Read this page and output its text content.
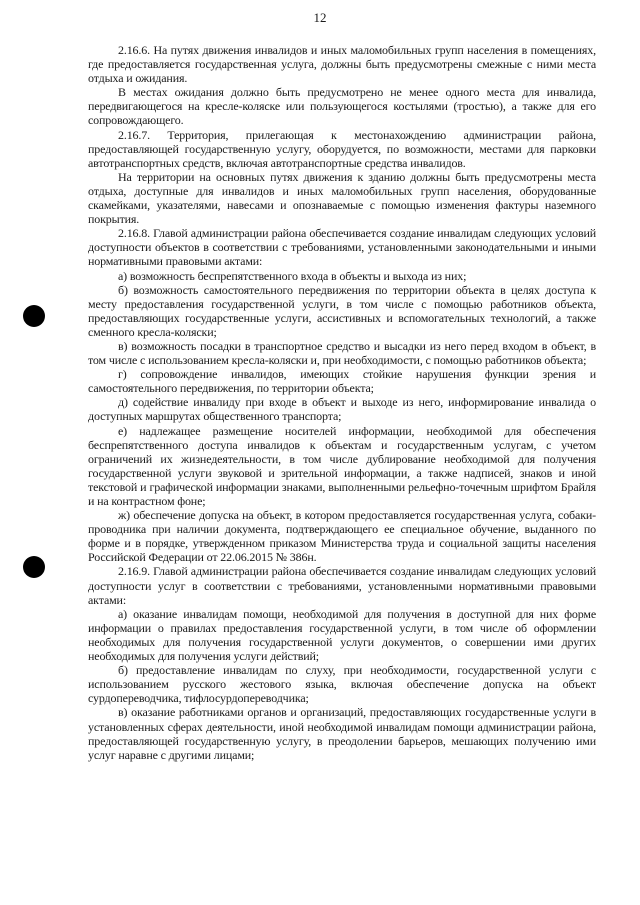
12

2.16.6. На путях движения инвалидов и иных маломобильных групп населения в помещениях, где предоставляется государственная услуга, должны быть предусмотрены смежные с ними места отдыха и ожидания.

В местах ожидания должно быть предусмотрено не менее одного места для инвалида, передвигающегося на кресле-коляске или пользующегося костылями (тростью), а также для его сопровождающего.

2.16.7. Территория, прилегающая к местонахождению администрации района, предоставляющей государственную услугу, оборудуется, по возможности, местами для парковки автотранспортных средств, включая автотранспортные средства инвалидов.

На территории на основных путях движения к зданию должны быть предусмотрены места отдыха, доступные для инвалидов и иных маломобильных групп населения, оборудованные скамейками, указателями, навесами и опознаваемые с помощью изменения фактуры наземного покрытия.

2.16.8. Главой администрации района обеспечивается создание инвалидам следующих условий доступности объектов в соответствии с требованиями, установленными законодательными и иными нормативными правовыми актами:

а) возможность беспрепятственного входа в объекты и выхода из них;

б) возможность самостоятельного передвижения по территории объекта в целях доступа к месту предоставления государственной услуги, в том числе с помощью работников объекта, предоставляющих государственные услуги, ассистивных и вспомогательных технологий, а также сменного кресла-коляски;

в) возможность посадки в транспортное средство и высадки из него перед входом в объект, в том числе с использованием кресла-коляски и, при необходимости, с помощью работников объекта;

г) сопровождение инвалидов, имеющих стойкие нарушения функции зрения и самостоятельного передвижения, по территории объекта;

д) содействие инвалиду при входе в объект и выходе из него, информирование инвалида о доступных маршрутах общественного транспорта;

е) надлежащее размещение носителей информации, необходимой для обеспечения беспрепятственного доступа инвалидов к объектам и государственным услугам, с учетом ограничений их жизнедеятельности, в том числе дублирование необходимой для получения государственной услуги звуковой и зрительной информации, а также надписей, знаков и иной текстовой и графической информации знаками, выполненными рельефно-точечным шрифтом Брайля и на контрастном фоне;

ж) обеспечение допуска на объект, в котором предоставляется государственная услуга, собаки-проводника при наличии документа, подтверждающего ее специальное обучение, выданного по форме и в порядке, утвержденном приказом Министерства труда и социальной защиты населения Российской Федерации от 22.06.2015 № 386н.

2.16.9. Главой администрации района обеспечивается создание инвалидам следующих условий доступности услуг в соответствии с требованиями, установленными нормативными правовыми актами:

а) оказание инвалидам помощи, необходимой для получения в доступной для них форме информации о правилах предоставления государственной услуги, в том числе об оформлении необходимых для получения государственной услуги документов, о совершении ими других необходимых для получения услуги действий;

б) предоставление инвалидам по слуху, при необходимости, государственной услуги с использованием русского жестового языка, включая обеспечение допуска на объект сурдопереводчика, тифлосурдопереводчика;

в) оказание работниками органов и организаций, предоставляющих государственные услуги в установленных сферах деятельности, иной необходимой инвалидам помощи администрации района, предоставляющей государственную услугу, в преодолении барьеров, мешающих получению ими услуг наравне с другими лицами;
